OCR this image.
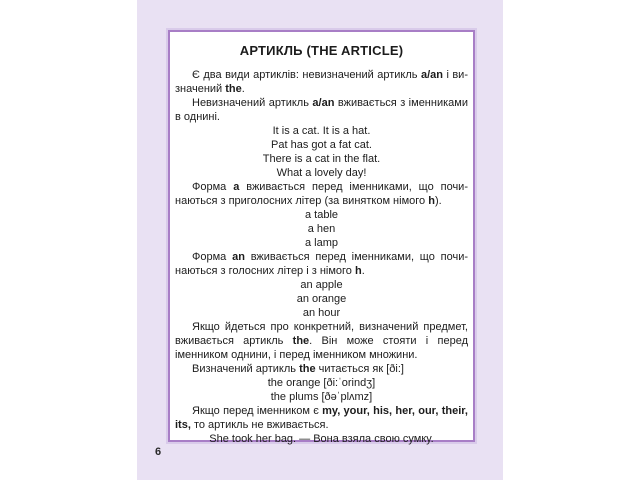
АРТИКЛЬ (THE ARTICLE)
Є два види артиклів: невизначений артикль a/an і ви-
значений the.
Невизначений артикль a/an вживається з іменниками
в однині.
It is a cat. It is a hat.
Pat has got a fat cat.
There is a cat in the flat.
What a lovely day!
Форма a вживається перед іменниками, що почи-
наються з приголосних літер (за винятком німого h).
a table
a hen
a lamp
Форма an вживається перед іменниками, що почи-
наються з голосних літер і з німого h.
an apple
an orange
an hour
Якщо йдеться про конкретний, визначений предмет,
вживається артикль the. Він може стояти і перед
іменником однини, і перед іменником множини.
Визначений артикль the читається як [ði:]
the orange [ði:ˈorindʒ]
the plums [ðəˈplʌmz]
Якщо перед іменником є my, your, his, her, our, their,
its, то артикль не вживається.
She took her bag. — Вона взяла свою сумку.
6
